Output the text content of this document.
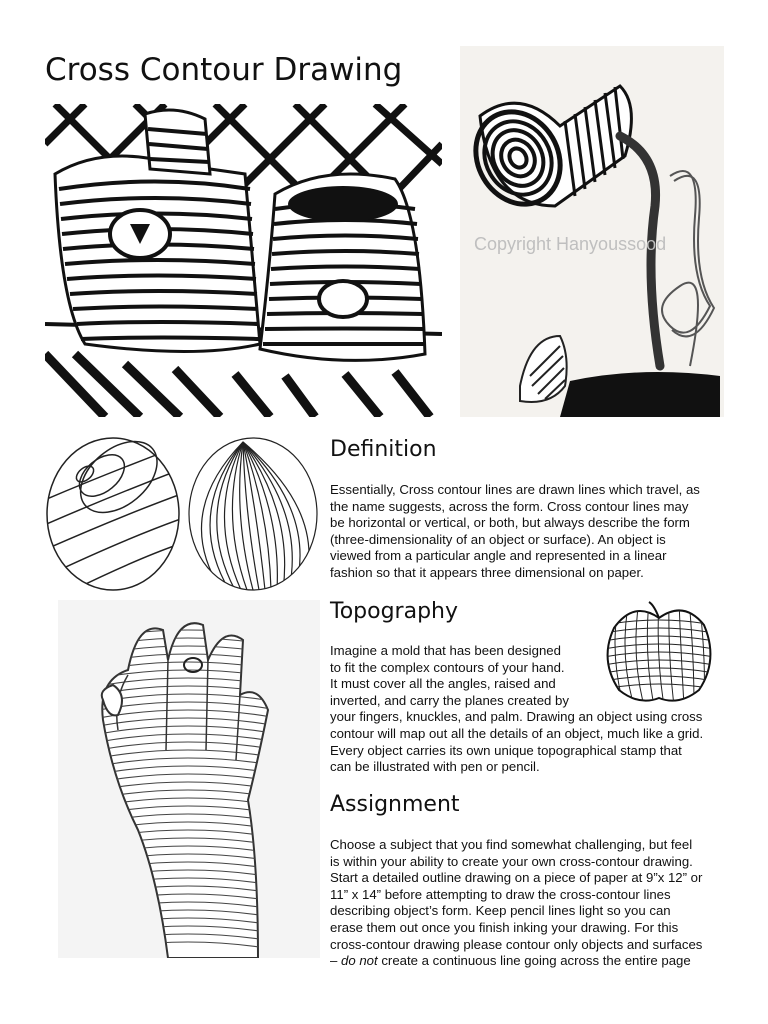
Cross Contour Drawing
Copyright Hanyoussood
Definition
Essentially, Cross contour lines are drawn lines which travel, as
the name suggests, across the form. Cross contour lines may
be horizontal or vertical, or both, but always describe the form
(three-dimensionality of an object or surface). An object is
viewed from a particular angle and represented in a linear
fashion so that it appears three dimensional on paper.
Topography
Imagine a mold that has been designed
to fit the complex contours of your hand.
It must cover all the angles, raised and
inverted, and carry the planes created by
your fingers, knuckles, and palm. Drawing an object using cross
contour will map out all the details of an object, much like a grid.
Every object carries its own unique topographical stamp that
can be illustrated with pen or pencil.
Assignment
Choose a subject that you find somewhat challenging, but feel
is within your ability to create your own cross-contour drawing.
Start a detailed outline drawing on a piece of paper at 9”x 12” or
11” x 14” before attempting to draw the cross-contour lines
describing object’s form. Keep pencil lines light so you can
erase them out once you finish inking your drawing. For this
cross-contour drawing please contour only objects and surfaces
– do not create a continuous line going across the entire page
